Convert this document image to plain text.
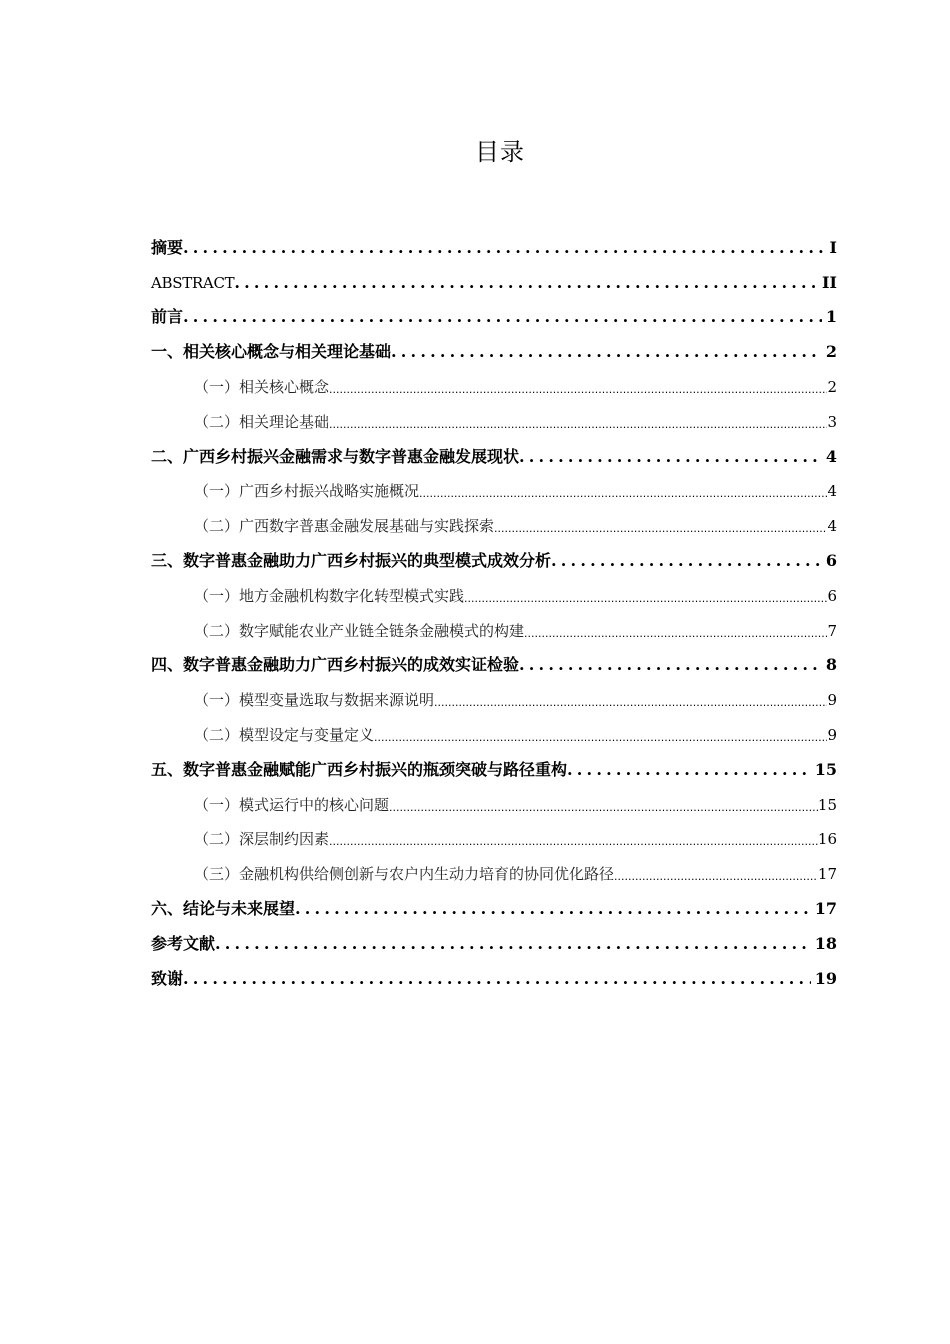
目录
摘要 .....	I
ABSTRACT .....	II
前言 .....	1
一、相关核心概念与相关理论基础 .....	2
（一）相关核心概念 .....	2
（二）相关理论基础 .....	3
二、广西乡村振兴金融需求与数字普惠金融发展现状 .....	4
（一）广西乡村振兴战略实施概况 .....	4
（二）广西数字普惠金融发展基础与实践探索 .....	4
三、数字普惠金融助力广西乡村振兴的典型模式成效分析 .....	6
（一）地方金融机构数字化转型模式实践 .....	6
（二）数字赋能农业产业链全链条金融模式的构建 .....	7
四、数字普惠金融助力广西乡村振兴的成效实证检验 .....	8
（一）模型变量选取与数据来源说明 .....	9
（二）模型设定与变量定义 .....	9
五、数字普惠金融赋能广西乡村振兴的瓶颈突破与路径重构 .....	15
（一）模式运行中的核心问题 .....	15
（二）深层制约因素 .....	16
（三）金融机构供给侧创新与农户内生动力培育的协同优化路径 .....	17
六、结论与未来展望 .....	17
参考文献 .....	18
致谢 .....	19
